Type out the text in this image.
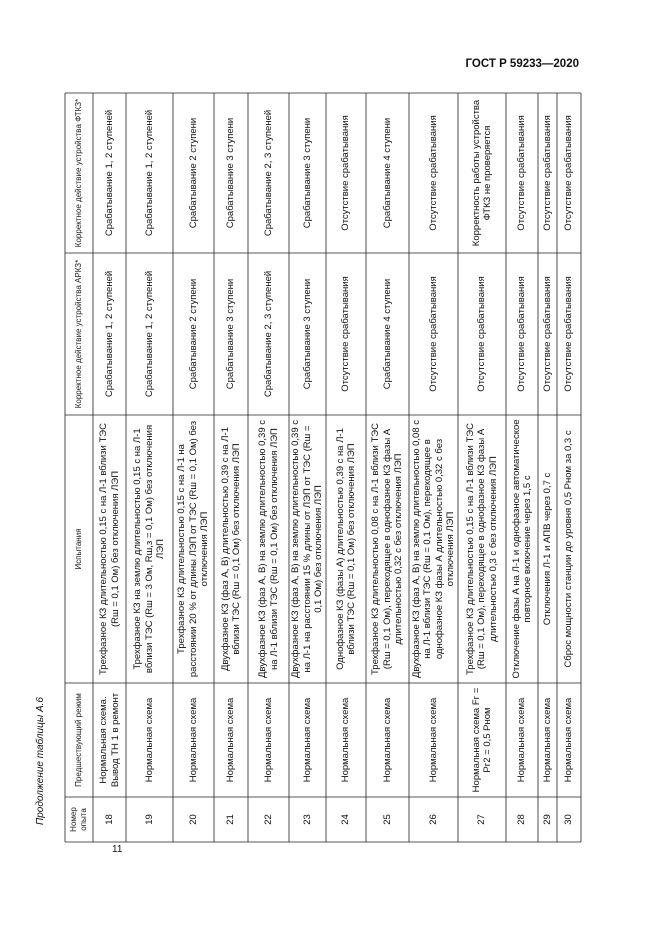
ГОСТ Р 59233—2020
Продолжение таблицы А.6	Номер опыта
Предшествующий режим
Испытания
Корректное действие устройства АРКЗ*
Корректное действие устройства ФТКЗ*
18
Нормальная схема. Вывод ТН 1 в ремонт
Трехфазное КЗ длительностью 0,15 с на Л-1 вблизи ТЭС (Rш = 0,1 Ом) без отключения ЛЭП
Срабатывание 1, 2 ступеней
Срабатывание 1, 2 ступеней
19
Нормальная схема
Трехфазное КЗ на землю длительностью 0,15 с на Л-1 вблизи ТЭС (Rш = 3 Ом, Rш,з = 0,1 Ом) без отключения ЛЭП
Срабатывание 1, 2 ступеней
Срабатывание 1, 2 ступеней
20
Нормальная схема
Трехфазное КЗ длительностью 0,15 с на Л-1 на расстоянии 20 % от длины ЛЭП от ТЭС (Rш = 0,1 Ом) без отключения ЛЭП
Срабатывание 2 ступени
Срабатывание 2 ступени
21
Нормальная схема
Двухфазное КЗ (фаз А, В) длительностью 0,39 с на Л-1 вблизи ТЭС (Rш = 0,1 Ом) без отключения ЛЭП
Срабатывание 3 ступени
Срабатывание 3 ступени
22
Нормальная схема
Двухфазное КЗ (фаз А, В) на землю длительностью 0,39 с на Л-1 вблизи ТЭС (Rш = 0,1 Ом) без отключения ЛЭП
Срабатывание 2, 3 ступеней
Срабатывание 2, 3 ступеней
23
Нормальная схема
Двухфазное КЗ (фаз А, В) на землю длительностью 0,39 с на Л-1 на расстоянии 15 % длины от ЛЭП от ТЭС (Rш = 0,1 Ом) без отключения ЛЭП
Срабатывание 3 ступени
Срабатывание 3 ступени
24
Нормальная схема
Однофазное КЗ (фазы А) длительностью 0,39 с на Л-1 вблизи ТЭС (Rш = 0,1 Ом) без отключения ЛЭП
Отсутствие срабатывания
Отсутствие срабатывания
25
Нормальная схема
Трехфазное КЗ длительностью 0,08 с на Л-1 вблизи ТЭС (Rш = 0,1 Ом), переходящее в однофазное КЗ фазы А длительностью 0,32 с без отключения ЛЭП
Срабатывание 4 ступени
Срабатывание 4 ступени
26
Нормальная схема
Двухфазное КЗ (фаз А, В) на землю длительностью 0,08 с на Л-1 вблизи ТЭС (Rш = 0,1 Ом), переходящее в однофазное КЗ фазы А длительностью 0,32 с без отключения ЛЭП
Отсутствие срабатывания
Отсутствие срабатывания
27
Нормальная схема Fг = Рг2 = 0,5 Рном
Трехфазное КЗ длительностью 0,15 с на Л-1 вблизи ТЭС (Rш = 0,1 Ом), переходящее в однофазное КЗ фазы А длительностью 0,3 с без отключения ЛЭП
Отсутствие срабатывания
Корректность работы устройства ФТКЗ не проверяется
28
Нормальная схема
Отключение фазы А на Л-1 и однофазное автоматическое повторное включение через 1,5 с
Отсутствие срабатывания
Отсутствие срабатывания
29
Нормальная схема
Отключения Л-1 и АПВ через 0,7 с
Отсутствие срабатывания
Отсутствие срабатывания
30
Нормальная схема
Сброс мощности станции до уровня 0,5 Рном за 0,3 с
Отсутствие срабатывания
Отсутствие срабатывания
11
